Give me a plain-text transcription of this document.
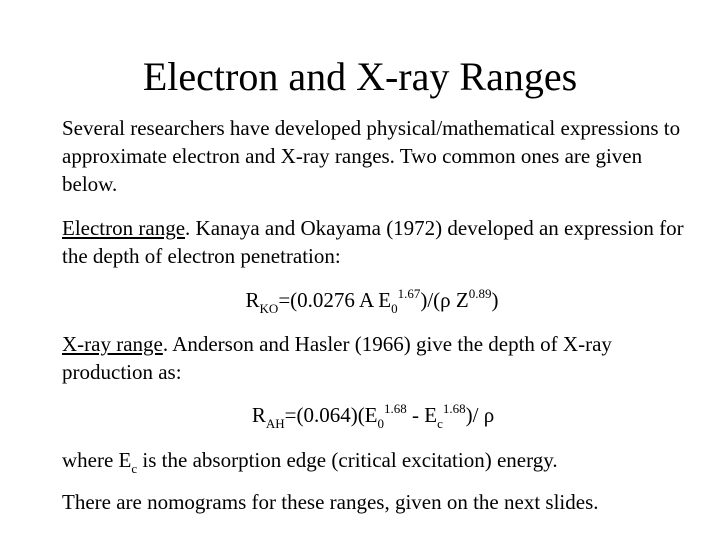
Electron and X-ray Ranges
Several researchers have developed physical/mathematical expressions to approximate electron and X-ray ranges. Two common ones are given below.
Electron range. Kanaya and Okayama (1972) developed an expression for the depth of electron penetration:
$R_{KO}=(0.0276$ A $E_0^{1.67})/(\rho$ $Z^{0.89}$)
X-ray range. Anderson and Hasler (1966) give the depth of X-ray production as:
$R_{AH}=(0.064)(E_0^{1.68} - E_c^{1.68})/$ ρ
where $E_c$ is the absorption edge (critical excitation) energy.
There are nomograms for these ranges, given on the next slides.
